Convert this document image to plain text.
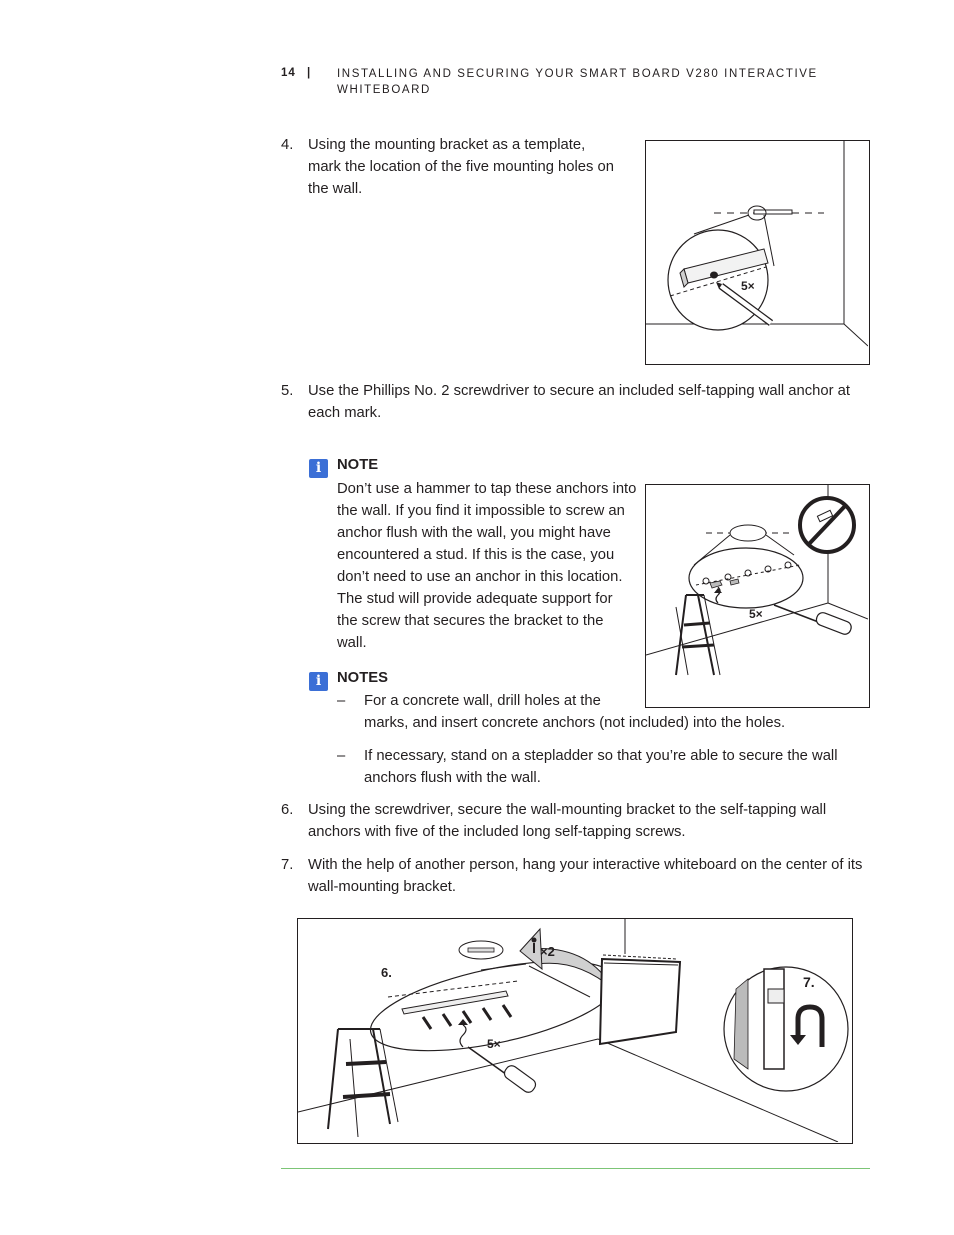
14 | INSTALLING AND SECURING YOUR SMART BOARD V280 INTERACTIVE WHITEBOARD
4. Using the mounting bracket as a template, mark the location of the five mounting holes on the wall.
5×
5. Use the Phillips No. 2 screwdriver to secure an included self-tapping wall anchor at each mark.
i	NOTE
Don’t use a hammer to tap these anchors into the wall. If you find it impossible to screw an anchor flush with the wall, you might have encountered a stud. If this is the case, you don’t need to use an anchor in this location. The stud will provide adequate support for the screw that secures the bracket to the wall.
5×
i	NOTES
– For a concrete wall, drill holes at the
marks, and insert concrete anchors (not included) into the holes.
– If necessary, stand on a stepladder so that you’re able to secure the wall anchors flush with the wall.
6. Using the screwdriver, secure the wall-mounting bracket to the self-tapping wall anchors with five of the included long self-tapping screws.
7. With the help of another person, hang your interactive whiteboard on the center of its wall-mounting bracket.
6.
5×
×2
7.
